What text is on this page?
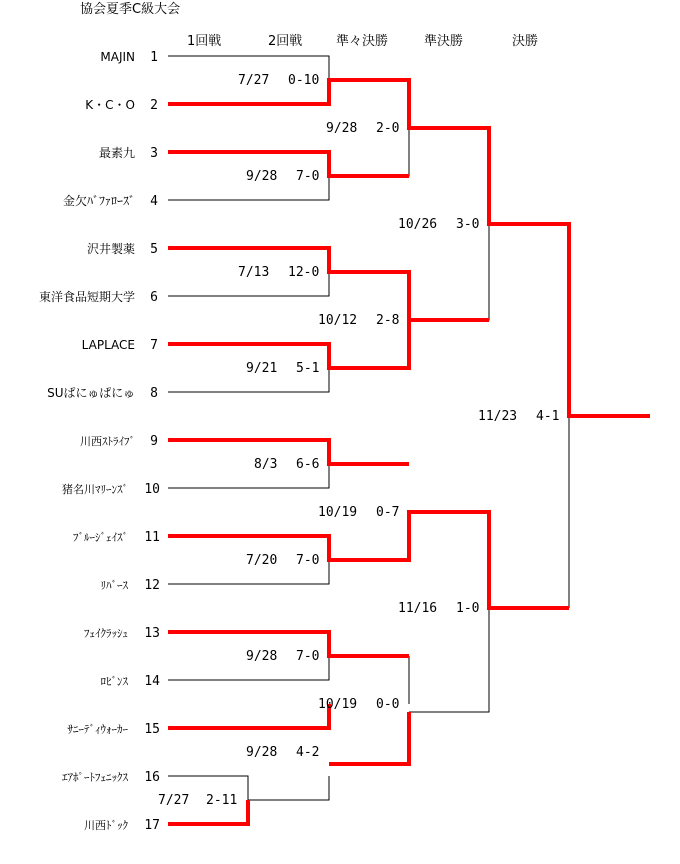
協会夏季C級大会
1回戦	2回戦	準々決勝	準決勝	決勝
MAJIN
K・C・O
最素九
金欠ﾊﾞﾌｧﾛｰｽﾞ
沢井製薬
東洋食品短期大学
LAPLACE
SUぱにゅぱにゅ
川西ｽﾄﾗｲﾌﾞ
猪名川ﾏﾘｰﾝｽﾞ
ﾌﾞﾙｰｼﾞｪｲｽﾞ
ﾘﾊﾞｰｽ
ﾌｪｲｸﾗｯｼｭ
ﾛﾋﾞﾝｽ
ｻﾆｰﾃﾞｨｳｫｰｶｰ
ｴｱﾎﾟｰﾄﾌｪﾆｯｸｽ
川西ﾄﾞｯｸ
1
2
3
4
5
6
7
8
9
10
11
12
13
14
15
16
17
7/27 0-10
9/28 7-0
7/13 12-0
9/21 5-1
8/3 6-6
7/20 7-0
9/28 7-0
9/28 4-2
7/27 2-11
9/28 2-0
10/12 2-8
10/19 0-7
10/19 0-0
10/26 3-0
11/16 1-0
11/23 4-1
